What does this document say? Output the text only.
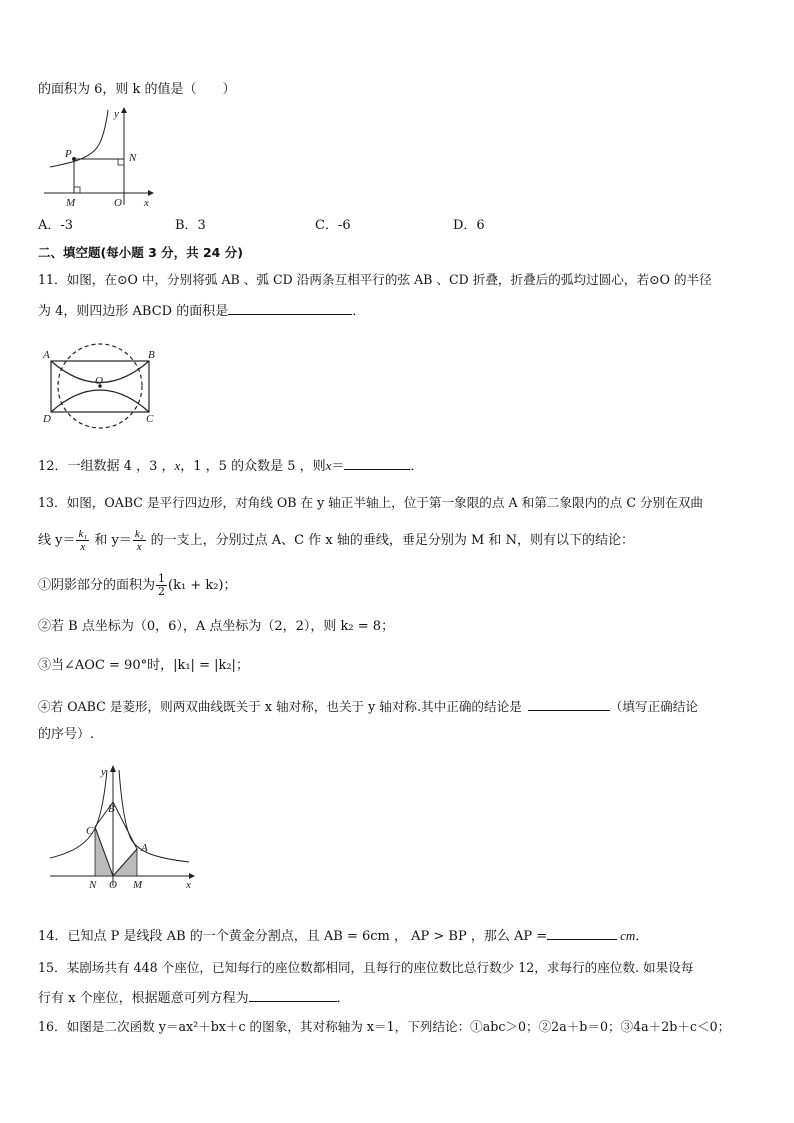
的面积为 6，则 k 的值是（　　）
y
x
P	N
M	O
A．-3	B．3	C．-6	D．6
二、填空题(每小题 3 分，共 24 分)
11．如图，在⊙O 中，分别将弧 AB 、弧 CD 沿两条互相平行的弦 AB 、CD 折叠，折叠后的弧均过圆心，若⊙O 的半径
为 4，则四边形 ABCD 的面积是	．
A	B
C
D
O
12．一组数据 4 ，3 ，x，1 ，5 的众数是 5 ，则x＝	．
13．如图，OABC 是平行四边形，对角线 OB 在 y 轴正半轴上，位于第一象限的点 A 和第二象限内的点 C 分别在双曲
线 $y= \frac{\text{k₁}}{x}$ 和 $y= \frac{\text{k₂}}{x}$ 的一支上，分别过点 A、C 作 x 轴的垂线，垂足分别为 M 和 N，则有以下的结论：
①阴影部分的面积为 $\frac{1}{2} (k_1 + k_2)$；
②若 B 点坐标为（0，6），A 点坐标为（2，2），则 k₂ = 8；
③当∠AOC = 90°时，|k₁| = |k₂|；
④若 OABC 是菱形，则两双曲线既关于 x 轴对称，也关于 y 轴对称.其中正确的结论是	（填写正确结论
的序号）.
y
x
B
C
A
N O M
14．已知点 P 是线段 AB 的一个黄金分割点，且 AB = 6cm ， AP > BP ，那么 AP =	cm．
15．某剧场共有 448 个座位，已知每行的座位数都相同，且每行的座位数比总行数少 12，求每行的座位数. 如果设每
行有 x 个座位，根据题意可列方程为	．
16．如图是二次函数 y＝ax²＋bx＋c 的图象，其对称轴为 x＝1，下列结论：①abc＞0；②2a＋b＝0；③4a＋2b＋c＜0；
